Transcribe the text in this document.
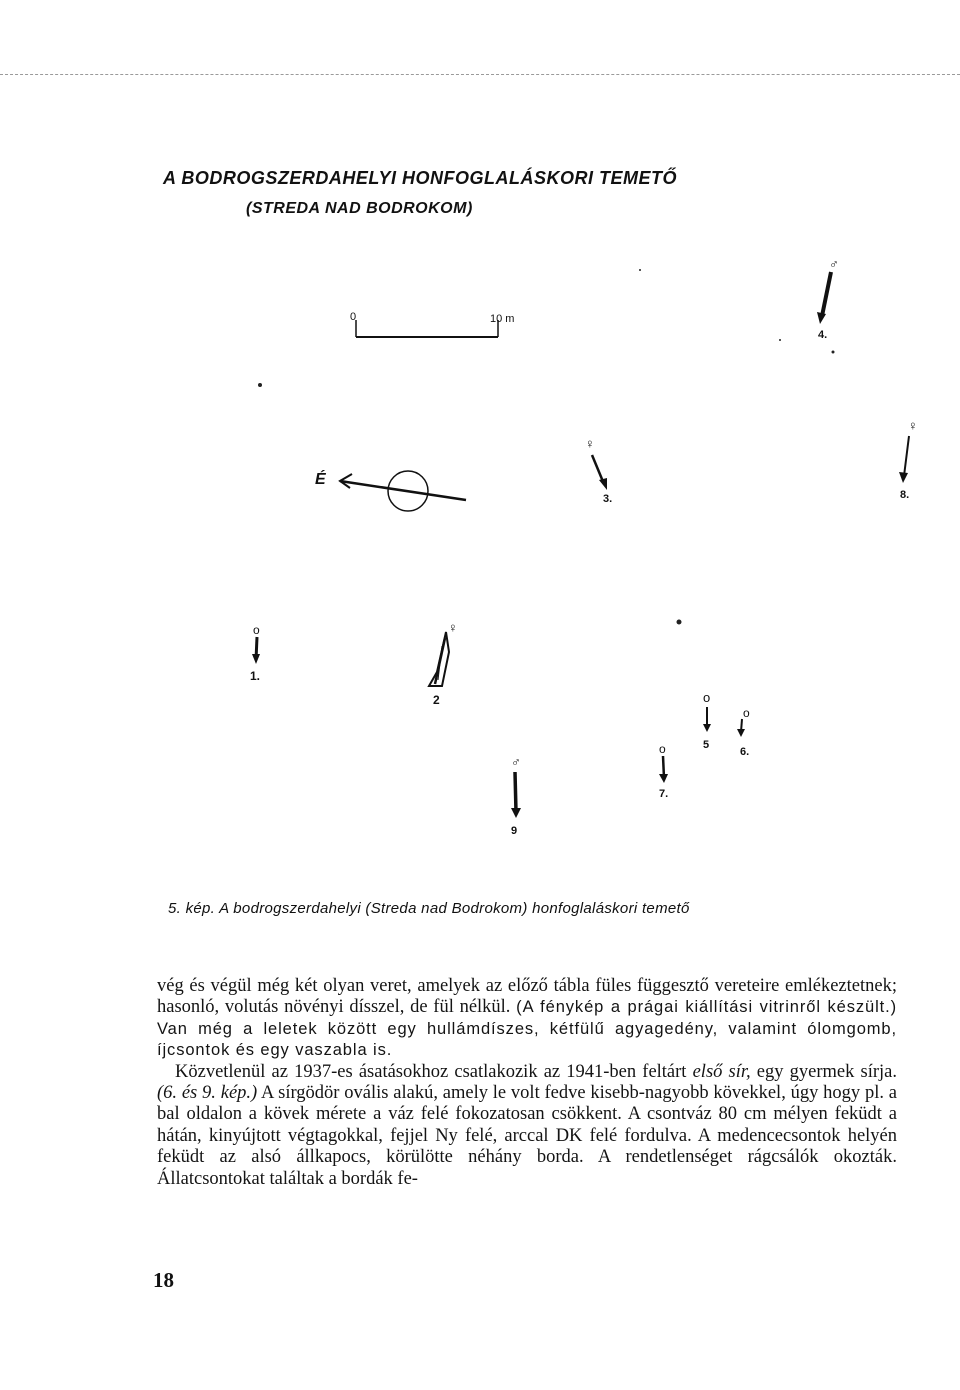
A BODROGSZERDAHELYI HONFOGLALÁSKORI TEMETŐ
(STREDA NAD BODROKOM)
0	10 m
É
o
1.
♀
2
♀
3.
♂
4.
o
5
o
6.
o
7.
♀
8.
♂
9
5. kép. A bodrogszerdahelyi (Streda nad Bodrokom) honfoglaláskori temető

vég és végül még két olyan veret, amelyek az előző tábla füles függesztő vereteire emlékeztetnek; hasonló, volutás növényi dísszel, de fül nélkül. (A fénykép a prágai kiállítási vitrinről készült.) Van még a leletek között egy hullámdíszes, kétfülű agyagedény, valamint ólomgomb, íjcsontok és egy vaszabla is.

Közvetlenül az 1937-es ásatásokhoz csatlakozik az 1941-ben feltárt első sír, egy gyermek sírja. (6. és 9. kép.) A sírgödör ovális alakú, amely le volt fedve kisebb-nagyobb kövekkel, úgy hogy pl. a bal oldalon a kövek mérete a váz felé fokozatosan csökkent. A csontváz 80 cm mélyen feküdt a hátán, kinyújtott végtagokkal, fejjel Ny felé, arccal DK felé fordulva. A medencecsontok helyén feküdt az alsó állkapocs, körülötte néhány borda. A rendetlenséget rágcsálók okozták. Állatcsontokat találtak a bordák fe-

18
